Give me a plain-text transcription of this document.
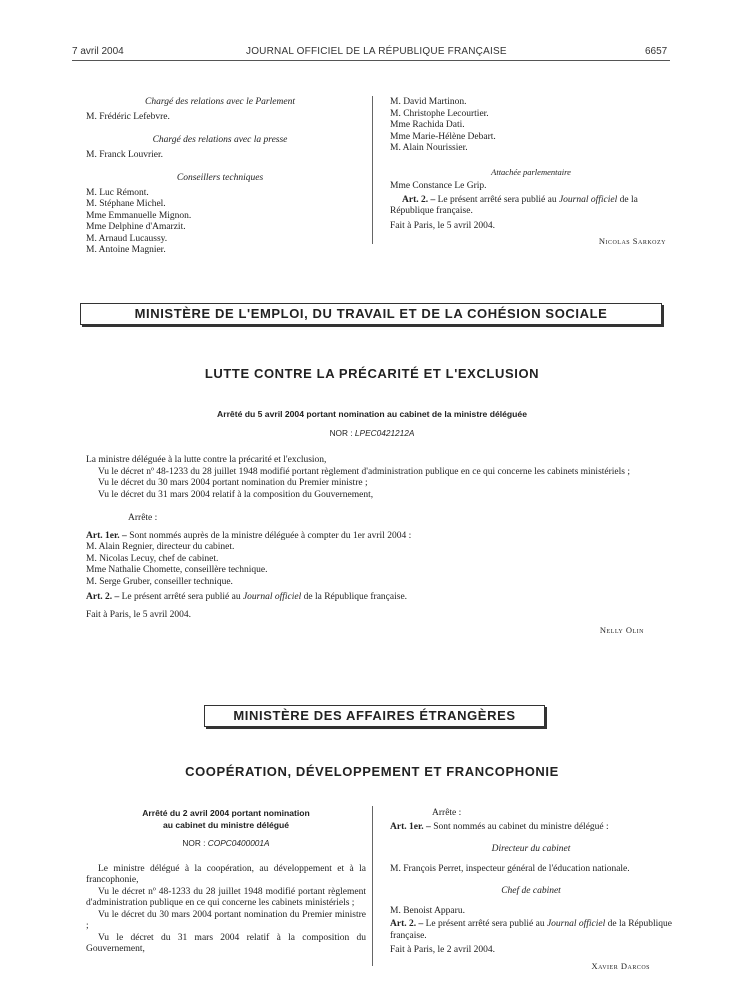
7 avril 2004	JOURNAL OFFICIEL DE LA RÉPUBLIQUE FRANÇAISE	6657
Chargé des relations avec le Parlement
M. Frédéric Lefebvre.
Chargé des relations avec la presse
M. Franck Louvrier.
Conseillers techniques
M. Luc Rémont.
M. Stéphane Michel.
Mme Emmanuelle Mignon.
Mme Delphine d'Amarzit.
M. Arnaud Lucaussy.
M. Antoine Magnier.
M. David Martinon.
M. Christophe Lecourtier.
Mme Rachida Dati.
Mme Marie-Hélène Debart.
M. Alain Nourissier.
Attachée parlementaire
Mme Constance Le Grip.
Art. 2. – Le présent arrêté sera publié au Journal officiel de la République française.
Fait à Paris, le 5 avril 2004.
Nicolas Sarkozy
MINISTÈRE DE L'EMPLOI, DU TRAVAIL ET DE LA COHÉSION SOCIALE
LUTTE CONTRE LA PRÉCARITÉ ET L'EXCLUSION
Arrêté du 5 avril 2004 portant nomination au cabinet de la ministre déléguée
NOR : LPEC0421212A
La ministre déléguée à la lutte contre la précarité et l'exclusion,
Vu le décret nº 48-1233 du 28 juillet 1948 modifié portant règlement d'administration publique en ce qui concerne les cabinets ministériels ;
Vu le décret du 30 mars 2004 portant nomination du Premier ministre ;
Vu le décret du 31 mars 2004 relatif à la composition du Gouvernement,
Arrête :
Art. 1er. – Sont nommés auprès de la ministre déléguée à compter du 1er avril 2004 :
M. Alain Regnier, directeur du cabinet.
M. Nicolas Lecuy, chef de cabinet.
Mme Nathalie Chomette, conseillère technique.
M. Serge Gruber, conseiller technique.
Art. 2. – Le présent arrêté sera publié au Journal officiel de la République française.
Fait à Paris, le 5 avril 2004.
Nelly Olin
MINISTÈRE DES AFFAIRES ÉTRANGÈRES
COOPÉRATION, DÉVELOPPEMENT ET FRANCOPHONIE
Arrêté du 2 avril 2004 portant nomination
au cabinet du ministre délégué
NOR : COPC0400001A
Le ministre délégué à la coopération, au développement et à la francophonie,
Vu le décret nº 48-1233 du 28 juillet 1948 modifié portant règlement d'administration publique en ce qui concerne les cabinets ministériels ;
Vu le décret du 30 mars 2004 portant nomination du Premier ministre ;
Vu le décret du 31 mars 2004 relatif à la composition du Gouvernement,
Arrête :
Art. 1er. – Sont nommés au cabinet du ministre délégué :
Directeur du cabinet
M. François Perret, inspecteur général de l'éducation nationale.
Chef de cabinet
M. Benoist Apparu.
Art. 2. – Le présent arrêté sera publié au Journal officiel de la République française.
Fait à Paris, le 2 avril 2004.
Xavier Darcos
